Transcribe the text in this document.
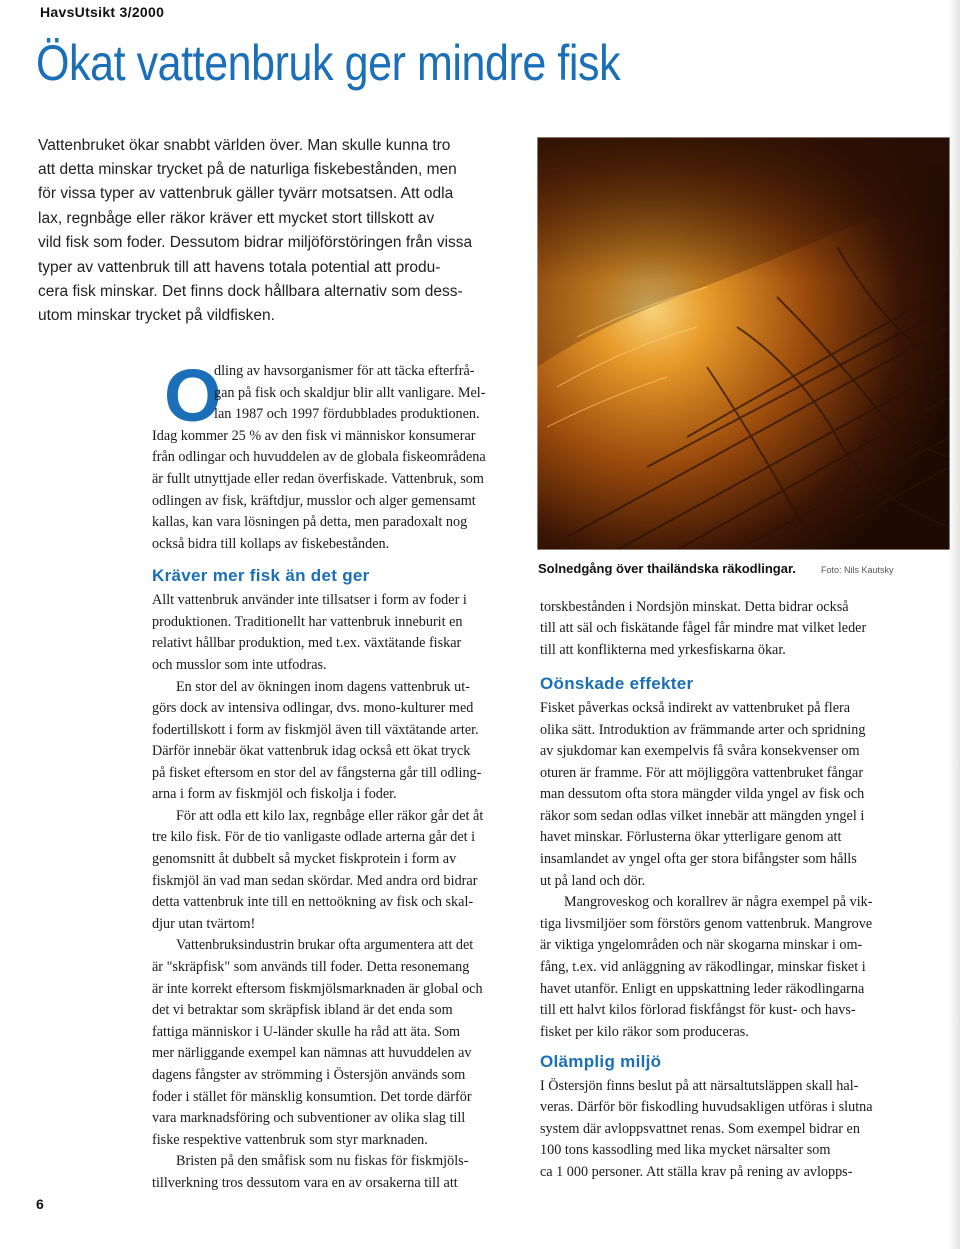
HavsUtsikt 3/2000
Ökat vattenbruk ger mindre fisk
Vattenbruket ökar snabbt världen över. Man skulle kunna tro
att detta minskar trycket på de naturliga fiskebestånden, men
för vissa typer av vattenbruk gäller tyvärr motsatsen. Att odla
lax, regnbåge eller räkor kräver ett mycket stort tillskott av
vild fisk som foder. Dessutom bidrar miljöförstöringen från vissa
typer av vattenbruk till att havens totala potential att produ-
cera fisk minskar. Det finns dock hållbara alternativ som dess-
utom minskar trycket på vildfisken.
Solnedgång över thailändska räkodlingar.	Foto: Nils Kautsky
O
dling av havsorganismer för att täcka efterfrå-
gan på fisk och skaldjur blir allt vanligare. Mel-
lan 1987 och 1997 fördubblades produktionen.
Idag kommer 25 % av den fisk vi människor konsumerar
från odlingar och huvuddelen av de globala fiskeområdena
är fullt utnyttjade eller redan överfiskade. Vattenbruk, som
odlingen av fisk, kräftdjur, musslor och alger gemensamt
kallas, kan vara lösningen på detta, men paradoxalt nog
också bidra till kollaps av fiskebestånden.
Kräver mer fisk än det ger
Allt vattenbruk använder inte tillsatser i form av foder i
produktionen. Traditionellt har vattenbruk inneburit en
relativt hållbar produktion, med t.ex. växtätande fiskar
och musslor som inte utfodras.
En stor del av ökningen inom dagens vattenbruk ut-
görs dock av intensiva odlingar, dvs. mono-kulturer med
fodertillskott i form av fiskmjöl även till växtätande arter.
Därför innebär ökat vattenbruk idag också ett ökat tryck
på fisket eftersom en stor del av fångsterna går till odling-
arna i form av fiskmjöl och fiskolja i foder.
För att odla ett kilo lax, regnbåge eller räkor går det åt
tre kilo fisk. För de tio vanligaste odlade arterna går det i
genomsnitt åt dubbelt så mycket fiskprotein i form av
fiskmjöl än vad man sedan skördar. Med andra ord bidrar
detta vattenbruk inte till en nettoökning av fisk och skal-
djur utan tvärtom!
Vattenbruksindustrin brukar ofta argumentera att det
är "skräpfisk" som används till foder. Detta resonemang
är inte korrekt eftersom fiskmjölsmarknaden är global och
det vi betraktar som skräpfisk ibland är det enda som
fattiga människor i U-länder skulle ha råd att äta. Som
mer närliggande exempel kan nämnas att huvuddelen av
dagens fångster av strömming i Östersjön används som
foder i stället för mänsklig konsumtion. Det torde därför
vara marknadsföring och subventioner av olika slag till
fiske respektive vattenbruk som styr marknaden.
Bristen på den småfisk som nu fiskas för fiskmjöls-
tillverkning tros dessutom vara en av orsakerna till att
torskbestånden i Nordsjön minskat. Detta bidrar också
till att säl och fiskätande fågel får mindre mat vilket leder
till att konflikterna med yrkesfiskarna ökar.
Oönskade effekter
Fisket påverkas också indirekt av vattenbruket på flera
olika sätt. Introduktion av främmande arter och spridning
av sjukdomar kan exempelvis få svåra konsekvenser om
oturen är framme. För att möjliggöra vattenbruket fångar
man dessutom ofta stora mängder vilda yngel av fisk och
räkor som sedan odlas vilket innebär att mängden yngel i
havet minskar. Förlusterna ökar ytterligare genom att
insamlandet av yngel ofta ger stora bifångster som hålls
ut på land och dör.
Mangroveskog och korallrev är några exempel på vik-
tiga livsmiljöer som förstörs genom vattenbruk. Mangrove
är viktiga yngelområden och när skogarna minskar i om-
fång, t.ex. vid anläggning av räkodlingar, minskar fisket i
havet utanför. Enligt en uppskattning leder räkodlingarna
till ett halvt kilos förlorad fiskfångst för kust- och havs-
fisket per kilo räkor som produceras.
Olämplig miljö
I Östersjön finns beslut på att närsaltutsläppen skall hal-
veras. Därför bör fiskodling huvudsakligen utföras i slutna
system där avloppsvattnet renas. Som exempel bidrar en
100 tons kassodling med lika mycket närsalter som
ca 1 000 personer. Att ställa krav på rening av avlopps-
6
